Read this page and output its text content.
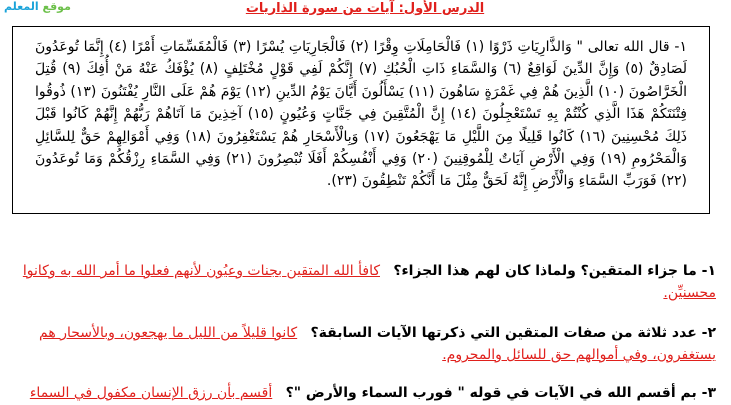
موقع المعلم	الدرس الأول: آيات من سورة الذاريات
١- قال الله تعالى " وَالذَّارِيَاتِ ذَرْوًا (١) فَالْحَامِلَاتِ وِقْرًا (٢) فَالْجَارِيَاتِ يُسْرًا (٣) فَالْمُقَسِّمَاتِ أَمْرًا (٤) إِنَّمَا تُوعَدُونَ لَصَادِقٌ (٥) وَإِنَّ الدِّينَ لَوَاقِعٌ (٦) وَالسَّمَاءِ ذَاتِ الْحُبُكِ (٧) إِنَّكُمْ لَفِي قَوْلٍ مُخْتَلِفٍ (٨) يُؤْفَكُ عَنْهُ مَنْ أُفِكَ (٩) قُتِلَ الْخَرَّاصُونَ (١٠) الَّذِينَ هُمْ فِي غَمْرَةٍ سَاهُونَ (١١) يَسْأَلُونَ أَيَّانَ يَوْمُ الدِّينِ (١٢) يَوْمَ هُمْ عَلَى النَّارِ يُفْتَنُونَ (١٣) ذُوقُوا فِتْنَتَكُمْ هَذَا الَّذِي كُنْتُمْ بِهِ تَسْتَعْجِلُونَ (١٤) إِنَّ الْمُتَّقِينَ فِي جَنَّاتٍ وَعُيُونٍ (١٥) آخِذِينَ مَا آتَاهُمْ رَبُّهُمْ إِنَّهُمْ كَانُوا قَبْلَ ذَلِكَ مُحْسِنِينَ (١٦) كَانُوا قَلِيلًا مِنَ اللَّيْلِ مَا يَهْجَعُونَ (١٧) وَبِالْأَسْحَارِ هُمْ يَسْتَغْفِرُونَ (١٨) وَفِي أَمْوَالِهِمْ حَقٌّ لِلسَّائِلِ وَالْمَحْرُومِ (١٩) وَفِي الْأَرْضِ آيَاتٌ لِلْمُوقِنِينَ (٢٠) وَفِي أَنْفُسِكُمْ أَفَلَا تُبْصِرُونَ (٢١) وَفِي السَّمَاءِ رِزْقُكُمْ وَمَا تُوعَدُونَ (٢٢) فَوَرَبِّ السَّمَاءِ وَالْأَرْضِ إِنَّهُ لَحَقٌّ مِثْلَ مَا أَنَّكُمْ تَنْطِقُونَ (٢٣).
١- ما جزاء المتقين؟ ولماذا كان لهم هذا الجزاء؟   كافأ الله المتقين بجنات وعيُون لأنهم فعلوا ما أمر الله به وكانوا محسنيِّن.
٢- عدد ثلاثة من صفات المتقين التي ذكرتها الآيات السابقة؟   كانوا قليلاً من الليل ما يهجعون، وبالأسحار هم يستغفرون، وفي أموالهم حق للسائل والمحروم.
٣- بم أقسم الله في الآيات في قوله " فورب السماء والأرض "؟   أقسم بأن رزق الإنسان مكفول في السماء
